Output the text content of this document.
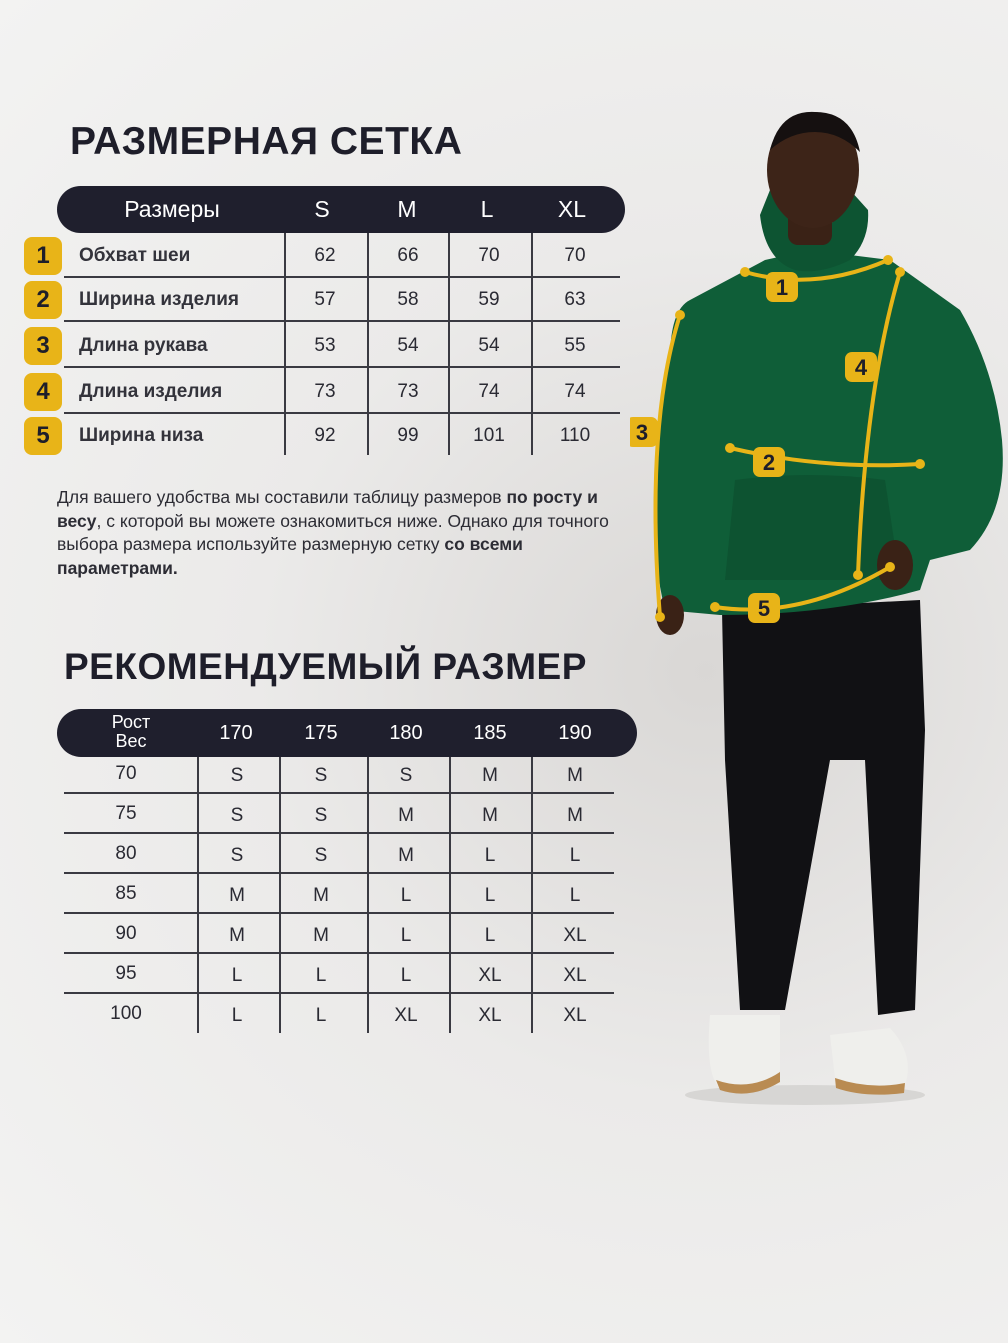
РАЗМЕРНАЯ СЕТКА
Размеры	S	M	L	XL
1	Обхват шеи	62	66	70	70
2	Ширина изделия	57	58	59	63
3	Длина рукава	53	54	54	55
4	Длина изделия	73	73	74	74
5	Ширина низа	92	99	101	110
Для вашего удобства мы составили таблицу размеров по росту и весу, с которой вы можете ознакомиться ниже. Однако для точного выбора размера используйте размерную сетку со всеми параметрами.
РЕКОМЕНДУЕМЫЙ РАЗМЕР
Рост
Вес	170	175	180	185	190
70	S	S	S	M	M
75	S	S	M	M	M
80	S	S	M	L	L
85	M	M	L	L	L
90	M	M	L	L	XL
95	L	L	L	XL	XL
100	L	L	XL	XL	XL
1
2
3
4
5
